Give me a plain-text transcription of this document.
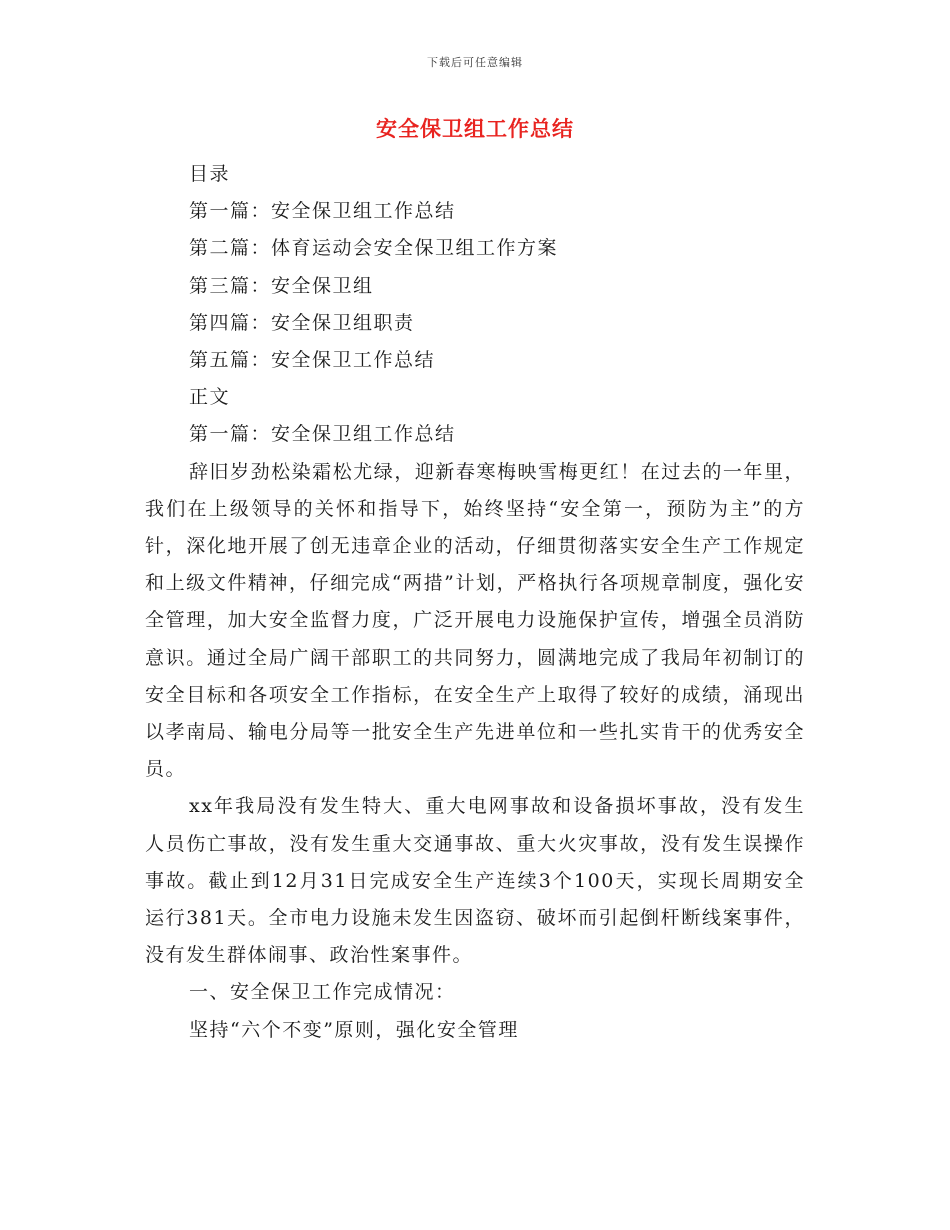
下载后可任意编辑
安全保卫组工作总结
目录
第一篇：安全保卫组工作总结
第二篇：体育运动会安全保卫组工作方案
第三篇：安全保卫组
第四篇：安全保卫组职责
第五篇：安全保卫工作总结
正文
第一篇：安全保卫组工作总结

辞旧岁劲松染霜松尤绿，迎新春寒梅映雪梅更红！在过去的一年里，我们在上级领导的关怀和指导下，始终坚持“安全第一，预防为主”的方针，深化地开展了创无违章企业的活动，仔细贯彻落实安全生产工作规定和上级文件精神，仔细完成“两措”计划，严格执行各项规章制度，强化安全管理，加大安全监督力度，广泛开展电力设施保护宣传，增强全员消防意识。通过全局广阔干部职工的共同努力，圆满地完成了我局年初制订的安全目标和各项安全工作指标，在安全生产上取得了较好的成绩，涌现出以孝南局、输电分局等一批安全生产先进单位和一些扎实肯干的优秀安全员。

xx年我局没有发生特大、重大电网事故和设备损坏事故，没有发生人员伤亡事故，没有发生重大交通事故、重大火灾事故，没有发生误操作事故。截止到12月31日完成安全生产连续3个100天，实现长周期安全运行381天。全市电力设施未发生因盗窃、破坏而引起倒杆断线案事件，没有发生群体闹事、政治性案事件。

一、安全保卫工作完成情况：
坚持“六个不变”原则，强化安全管理
